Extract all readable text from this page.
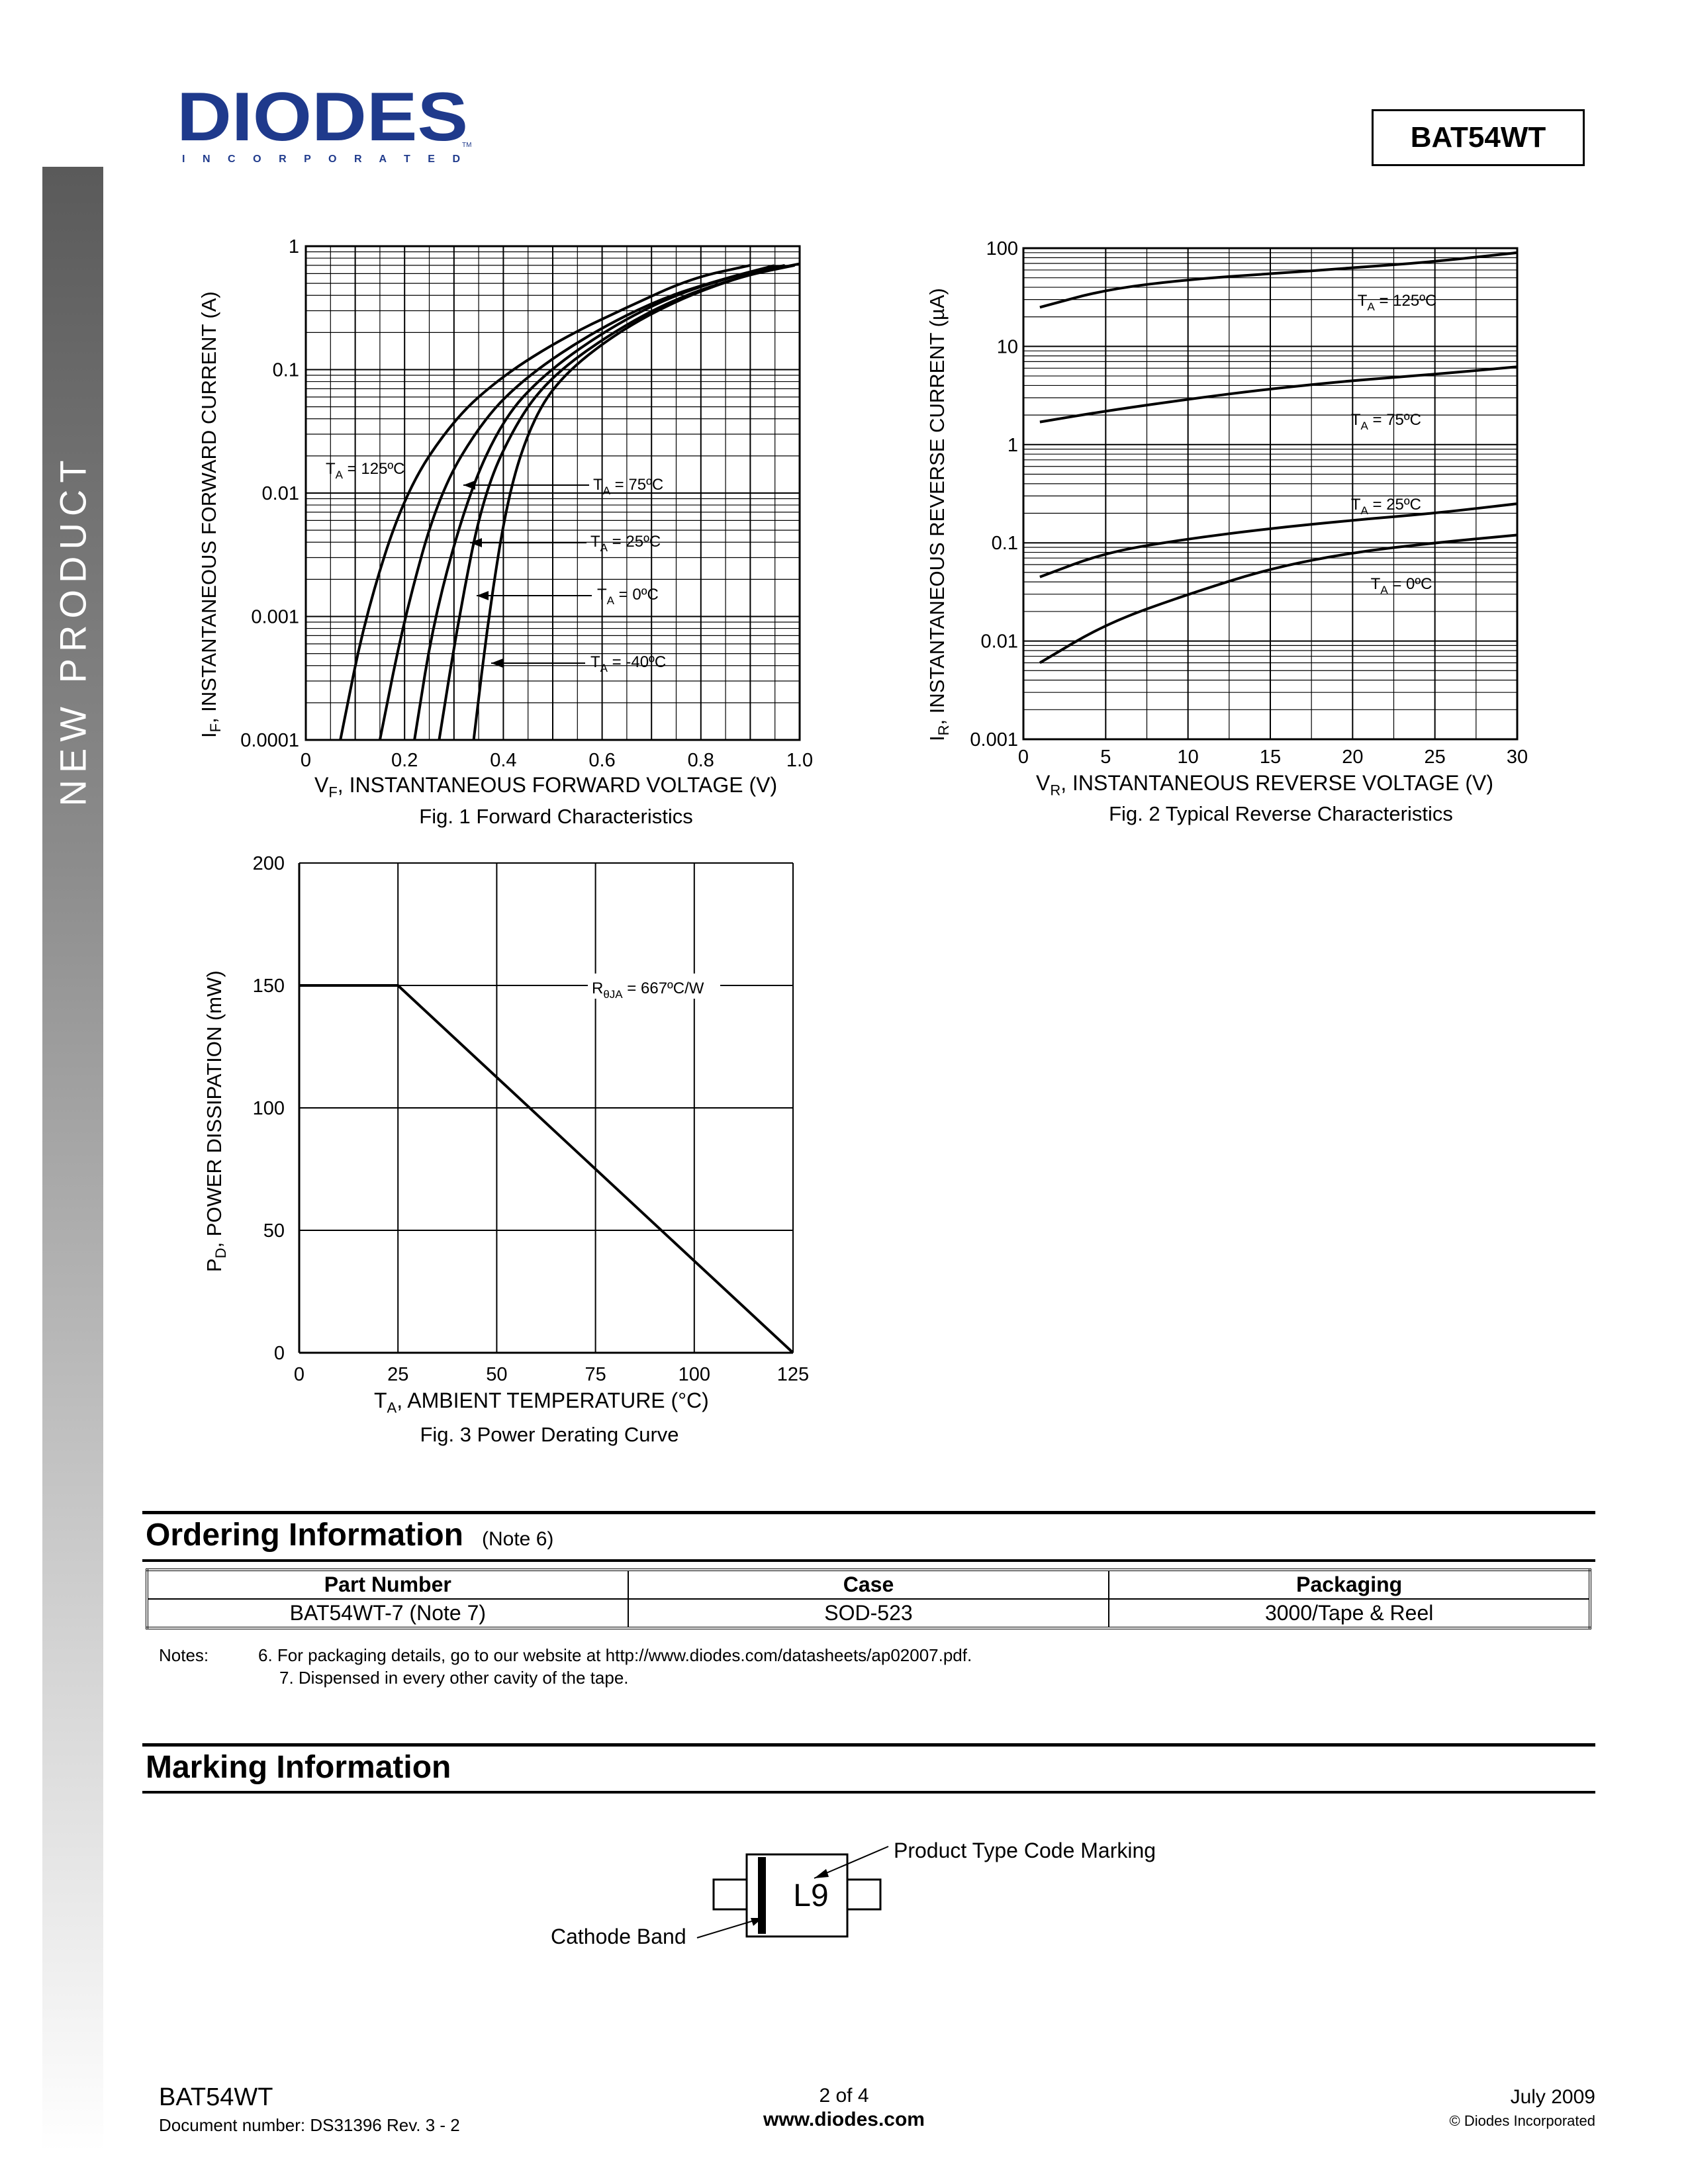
NEW PRODUCT
DIODES
TM
I N C O R P O R A T E D
BAT54WT
0.0001
0.001
0.01
0.1
1
0	0.2	0.4	0.6	0.8	1.0
$T_A$ = 125ºC
$T_A$ = 75ºC
$T_A$ = 25ºC
$T_A$ = 0ºC
$T_A$ = -40ºC
$I_F$, INSTANTANEOUS FORWARD CURRENT (A)
$V_F$, INSTANTANEOUS FORWARD VOLTAGE (V)
Fig. 1 Forward Characteristics
0.001
0.01
0.1
1
10
100
0	5	10	15	20	25	30
$T_A$ = 125ºC
$T_A$ = 75ºC
$T_A$ = 25ºC
$T_A$ = 0ºC
$I_R$, INSTANTANEOUS REVERSE CURRENT (µA)
$V_R$, INSTANTANEOUS REVERSE VOLTAGE (V)
Fig. 2 Typical Reverse Characteristics
0
50
100
150
200
0	25	50	75	100	125
$R_{\theta JA}$ = 667ºC/W
$P_D$, POWER DISSIPATION (mW)
$T_A$, AMBIENT TEMPERATURE (°C)
Fig. 3 Power Derating Curve
Ordering Information (Note 6)
Part Number	Case	Packaging
BAT54WT-7 (Note 7)	SOD-523	3000/Tape & Reel
Notes:	6. For packaging details, go to our website at http://www.diodes.com/datasheets/ap02007.pdf.
7. Dispensed in every other cavity of the tape.
Marking Information
L9
Product Type Code Marking
Cathode Band
BAT54WT
Document number: DS31396 Rev. 3 - 2
2 of 4
www.diodes.com
July 2009
© Diodes Incorporated
